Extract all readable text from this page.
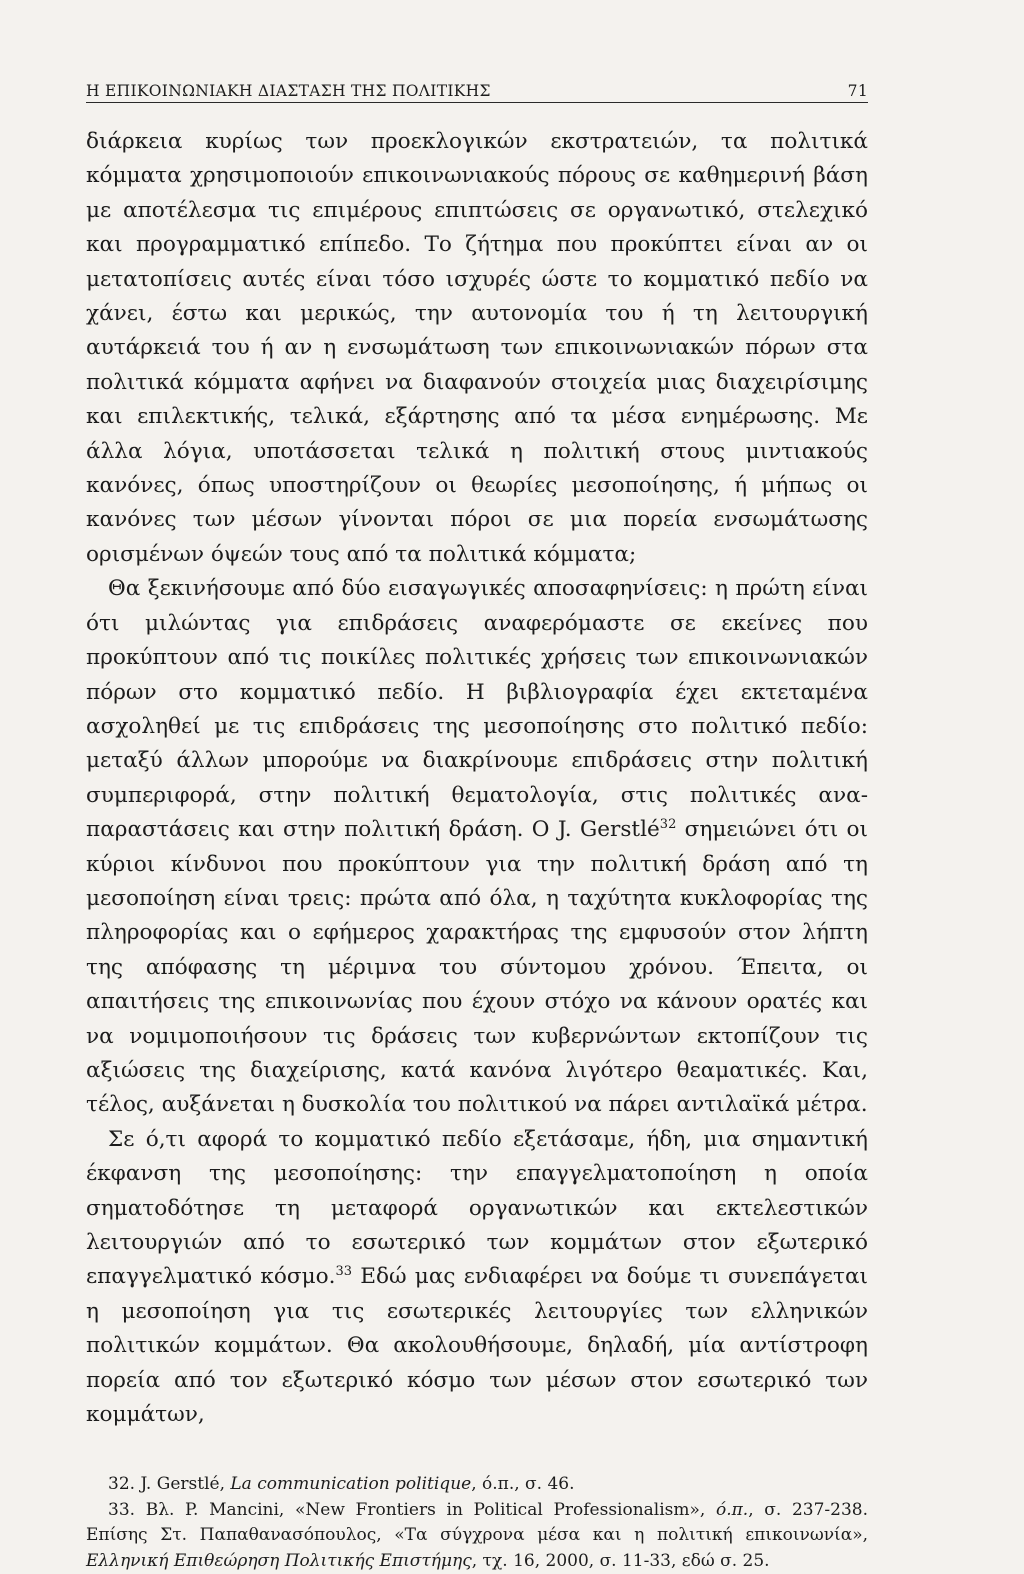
Η ΕΠΙΚΟΙΝΩΝΙΑΚΗ ΔΙΑΣΤΑΣΗ ΤΗΣ ΠΟΛΙΤΙΚΗΣ	71

διάρκεια κυρίως των προεκλογικών εκστρατειών, τα πολιτικά κόμματα χρησιμοποιούν επικοινωνιακούς πόρους σε καθημερινή βάση με αποτέλεσμα τις επιμέρους επιπτώσεις σε οργανωτικό, στελεχικό και προγραμματικό επίπεδο. Το ζήτημα που προκύπτει είναι αν οι μετατοπίσεις αυτές είναι τόσο ισχυρές ώστε το κομματικό πεδίο να χάνει, έστω και μερικώς, την αυτονομία του ή τη λειτουργική αυτάρκειά του ή αν η ενσωμάτωση των επικοινωνιακών πόρων στα πολιτικά κόμματα αφήνει να διαφανούν στοιχεία μιας διαχειρίσιμης και επιλεκτικής, τελικά, εξάρτησης από τα μέσα ενημέρωσης. Με άλλα λόγια, υποτάσσεται τελικά η πολιτική στους μιντιακούς κανόνες, όπως υποστηρίζουν οι θεωρίες μεσοποίησης, ή μήπως οι κανόνες των μέσων γίνονται πόροι σε μια πορεία ενσωμάτωσης ορισμένων όψεών τους από τα πολιτικά κόμματα;

Θα ξεκινήσουμε από δύο εισαγωγικές αποσαφηνίσεις: η πρώτη είναι ότι μιλώντας για επιδράσεις αναφερόμαστε σε εκείνες που προκύπτουν από τις ποικίλες πολιτικές χρήσεις των επικοινωνιακών πόρων στο κομματικό πεδίο. Η βιβλιογραφία έχει εκτεταμένα ασχοληθεί με τις επιδράσεις της μεσοποίησης στο πολιτικό πεδίο: μεταξύ άλλων μπορούμε να διακρίνουμε επιδράσεις στην πολιτική συμπεριφορά, στην πολιτική θεματολογία, στις πολιτικές αναπαραστάσεις και στην πολιτική δράση. Ο J. Gerstlé$^{32}$ σημειώνει ότι οι κύριοι κίνδυνοι που προκύπτουν για την πολιτική δράση από τη μεσοποίηση είναι τρεις: πρώτα από όλα, η ταχύτητα κυκλοφορίας της πληροφορίας και ο εφήμερος χαρακτήρας της εμφυσούν στον λήπτη της απόφασης τη μέριμνα του σύντομου χρόνου. Έπειτα, οι απαιτήσεις της επικοινωνίας που έχουν στόχο να κάνουν ορατές και να νομιμοποιήσουν τις δράσεις των κυβερνώντων εκτοπίζουν τις αξιώσεις της διαχείρισης, κατά κανόνα λιγότερο θεαματικές. Και, τέλος, αυξάνεται η δυσκολία του πολιτικού να πάρει αντιλαϊκά μέτρα.

Σε ό,τι αφορά το κομματικό πεδίο εξετάσαμε, ήδη, μια σημαντική έκφανση της μεσοποίησης: την επαγγελματοποίηση η οποία σηματοδότησε τη μεταφορά οργανωτικών και εκτελεστικών λειτουργιών από το εσωτερικό των κομμάτων στον εξωτερικό επαγγελματικό κόσμο.$^{33}$ Εδώ μας ενδιαφέρει να δούμε τι συνεπάγεται η μεσοποίηση για τις εσωτερικές λειτουργίες των ελληνικών πολιτικών κομμάτων. Θα ακολουθήσουμε, δηλαδή, μία αντίστροφη πορεία από τον εξωτερικό κόσμο των μέσων στον εσωτερικό των κομμάτων,

32. J. Gerstlé, La communication politique, ό.π., σ. 46.

33. Βλ. P. Mancini, «New Frontiers in Political Professionalism», ό.π., σ. 237-238. Επίσης Στ. Παπαθανασόπουλος, «Τα σύγχρονα μέσα και η πολιτική επικοινωνία», Ελληνική Επιθεώρηση Πολιτικής Επιστήμης, τχ. 16, 2000, σ. 11-33, εδώ σ. 25.
